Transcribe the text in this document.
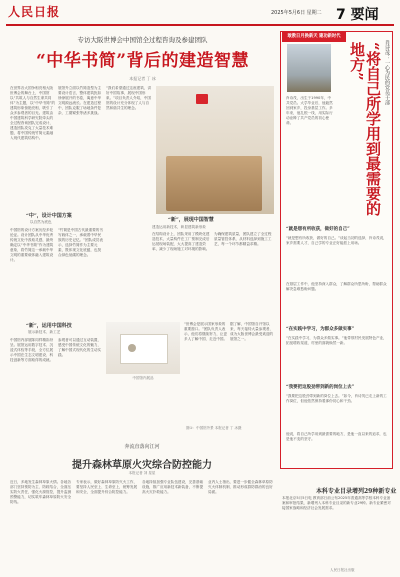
人民日报	2025年5月6日 星期二 7 要闻
专访大阪世博会中国馆全过程咨询及参建团队
“中华书简”背后的建造智慧
本报记者 丁 冰
在世界各大国争相亮相大阪世博会的舞台上，中国馆以“共筑人与自然生命共同体”为主题，以“中华书简”的建筑形象惊艳亮相，吸引了众多参观者的目光。建筑由中国建筑科学研究院牵头的全过程咨询团队完成设计，建造团队攻克了大量技术难题，将中国传统竹简元素融入现代建筑结构中。
展馆外立面以竹简造型为主要设计语言，整体建筑犹如徐徐展开的书卷，寓意中华文明源远流长。在建造过程中，团队克服了场地条件复杂、工期紧张等诸多挑战。
“我们希望通过这座建筑，讲好中国故事，展现中国形象。”项目负责人介绍，中国馆的设计充分体现了人与自然和谐共生的理念。
“中”，设计中国方案
以自然为底色	“新”，展现中国智慧
建造运用新技术，彰显建筑新形象
中国馆的设计方案历经多轮论证。设计团队从中华优秀传统文化中汲取灵感，最终确定以“中华书简”作为建筑意象，将竹简这一承载中华文明的重要载体融入建筑设计。
“竹简是中国古代最重要的书写载体之一，承载着中华民族的历史记忆。”团队成员表示，选择竹简作为主要元素，既体现文化底蕴，也契合绿色低碳的理念。
在结构设计上，团队采用了模块化建造技术，大量构件在工厂预制完成后运抵现场装配，大大提高了建造效率，减少了现场施工对环境的影响。
为确保建筑质量，团队建立了全过程质量管控体系，从材料选择到施工工艺，每一个环节都精益求精。
“新”，运用中国科技
展示新技术、新工艺
中国馆内部展陈同样精彩纷呈。展馆运用数字技术、沉浸式体验等手段，全方位展示中国在生态文明建设、科技创新等方面取得的成就。
参观者可以通过互动装置，感受中国传统文化的魅力，了解中国式现代化的生动实践。
中国馆内展品
“世博会是展示国家形象的重要窗口。”团队负责人表示，他们将继续努力，让更多人了解中国、走近中国。
据了解，中国馆自开馆以来，每天接待大量参观者，成为大阪世博会最受欢迎的展馆之一。
图①：中国馆外景 本报记者 丁 冰摄
奔流直落向江河
提升森林草原火灾综合防控能力
本报记者 刘 星星
近日，多地发生森林草原火情。各地各部门坚持预防为主、防救结合，全面压实防火责任，强化火源管控，提升监测预警能力，切实筑牢森林草原防火安全防线。
专家表示，做好森林草原防灭火工作，要坚持人民至上、生命至上，统筹发展和安全，全面提升综合防控能力。
各地持续加强专业队伍建设，完善基础设施，推广应用新技术新装备，不断提高火灾扑救能力。
业内人士指出，要进一步健全森林草原防灭火体制机制，推动形成群防群治的良好局面。
敢教日月换新天 建功新时代
肖诗茂：一心为民的党员干部
“将自己所学用到最需要的地方”
肖诗茂，出生于1990年，中共党员。大学毕业后，他毅然回到家乡，投身基层工作。多年来，他扎根一线，用实际行动诠释了共产党员的初心使命。
“就是想有所收获，做好的自己”
“就是想有所收获，做好的自己。”谈起当初的选择，肖诗茂说，家乡需要人才，自己学的专业正好能派上用场。
在基层工作中，他坚持深入群众，了解群众所思所盼，帮助群众解决急难愁盼问题。
“在实践中学习，为群众多做实事”
“在实践中学习，为群众多做实事。”他带领村民发展特色产业，拓宽增收渠道，村里的面貌焕然一新。
“我要把这股劲带到新的岗位上去”
“我要把这股劲带到新的岗位上去。”如今，肖诗茂已走上新的工作岗位，但他依然保持着那份初心和干劲。
他说，将自己所学用到最需要的地方，是他一直以来的追求，也是他不变的坚守。
本科专业目录增列29种新专业
本报北京5月5日电 教育部日前公布2025年普通高等学校本科专业备案和审批结果，新增列入本科专业目录的新专业29种。新专业紧密对接国家战略和经济社会发展需求。
人民日报社出版
